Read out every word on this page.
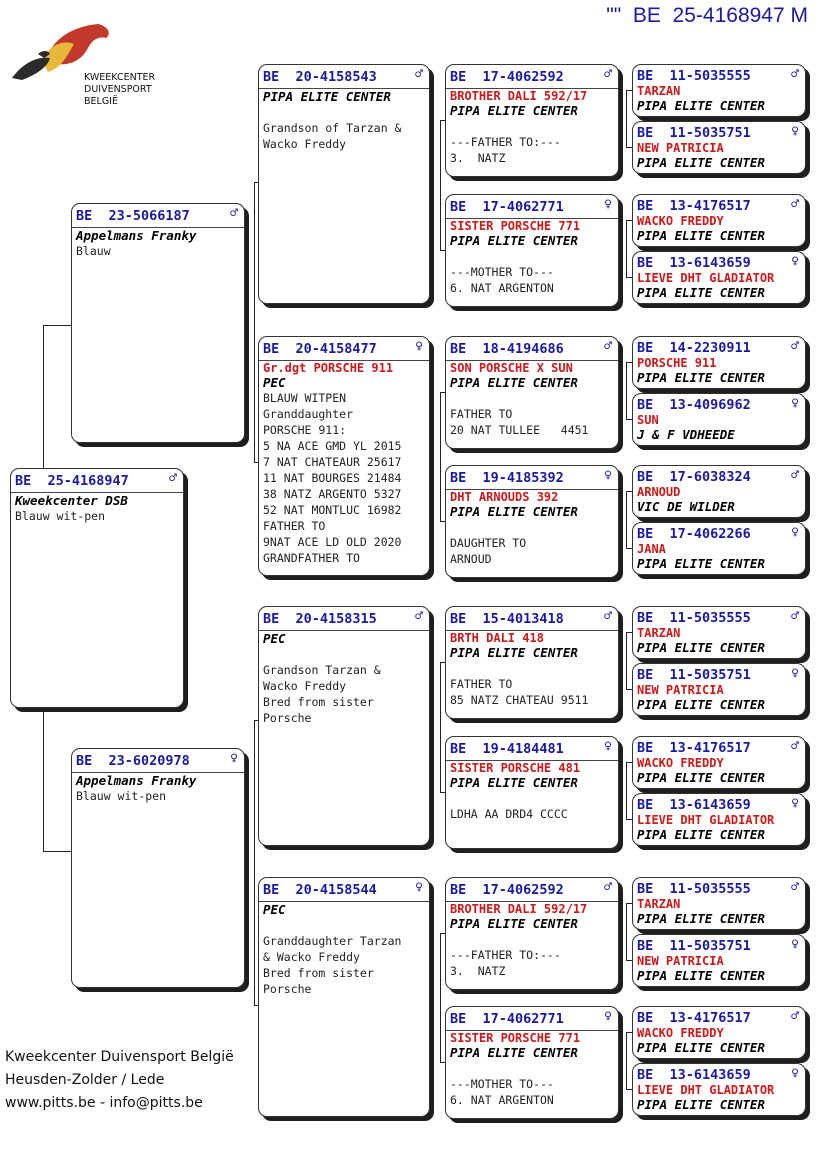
""  BE  25-4168947 M
KWEEKCENTER
DUIVENSPORT BELGIË
BE  25-4168947	♂
Kweekcenter DSB
Blauw wit-pen
BE  23-5066187	♂
Appelmans Franky
Blauw
BE  23-6020978	♀
Appelmans Franky
Blauw wit-pen
BE  20-4158543	♂
PIPA ELITE CENTER

Grandson of Tarzan &
Wacko Freddy
BE  20-4158477	♀
Gr.dgt PORSCHE 911
PEC
BLAUW WITPEN
Granddaughter
PORSCHE 911:
5 NA ACE GMD YL 2015
7 NAT CHATEAUR 25617
11 NAT BOURGES 21484
38 NATZ ARGENTO 5327
52 NAT MONTLUC 16982
FATHER TO
9NAT ACE LD OLD 2020
GRANDFATHER TO
BE  20-4158315	♂
PEC

Grandson Tarzan &
Wacko Freddy
Bred from sister
Porsche
BE  20-4158544	♀
PEC

Granddaughter Tarzan
& Wacko Freddy
Bred from sister
Porsche
BE  17-4062592	♂
BROTHER DALI 592/17
PIPA ELITE CENTER

---FATHER TO:---
3.  NATZ
BE  17-4062771	♀
SISTER PORSCHE 771
PIPA ELITE CENTER

---MOTHER TO---
6. NAT ARGENTON
BE  18-4194686	♂
SON PORSCHE X SUN
PIPA ELITE CENTER

FATHER TO
20 NAT TULLEE   4451
BE  19-4185392	♀
DHT ARNOUDS 392
PIPA ELITE CENTER

DAUGHTER TO
ARNOUD
BE  15-4013418	♂
BRTH DALI 418
PIPA ELITE CENTER

FATHER TO
85 NATZ CHATEAU 9511
BE  19-4184481	♀
SISTER PORSCHE 481
PIPA ELITE CENTER

LDHA AA DRD4 CCCC
BE  17-4062592	♂
BROTHER DALI 592/17
PIPA ELITE CENTER

---FATHER TO:---
3.  NATZ
BE  17-4062771	♀
SISTER PORSCHE 771
PIPA ELITE CENTER

---MOTHER TO---
6. NAT ARGENTON
BE  11-5035555	♂
TARZAN
PIPA ELITE CENTER
BE  11-5035751	♀
NEW PATRICIA
PIPA ELITE CENTER
BE  13-4176517	♂
WACKO FREDDY
PIPA ELITE CENTER
BE  13-6143659	♀
LIEVE DHT GLADIATOR
PIPA ELITE CENTER
BE  14-2230911	♂
PORSCHE 911
PIPA ELITE CENTER
BE  13-4096962	♀
SUN
J & F VDHEEDE
BE  17-6038324	♂
ARNOUD
VIC DE WILDER
BE  17-4062266	♀
JANA
PIPA ELITE CENTER
BE  11-5035555	♂
TARZAN
PIPA ELITE CENTER
BE  11-5035751	♀
NEW PATRICIA
PIPA ELITE CENTER
BE  13-4176517	♂
WACKO FREDDY
PIPA ELITE CENTER
BE  13-6143659	♀
LIEVE DHT GLADIATOR
PIPA ELITE CENTER
BE  11-5035555	♂
TARZAN
PIPA ELITE CENTER
BE  11-5035751	♀
NEW PATRICIA
PIPA ELITE CENTER
BE  13-4176517	♂
WACKO FREDDY
PIPA ELITE CENTER
BE  13-6143659	♀
LIEVE DHT GLADIATOR
PIPA ELITE CENTER
Kweekcenter Duivensport België
Heusden-Zolder / Lede
www.pitts.be - info@pitts.be
